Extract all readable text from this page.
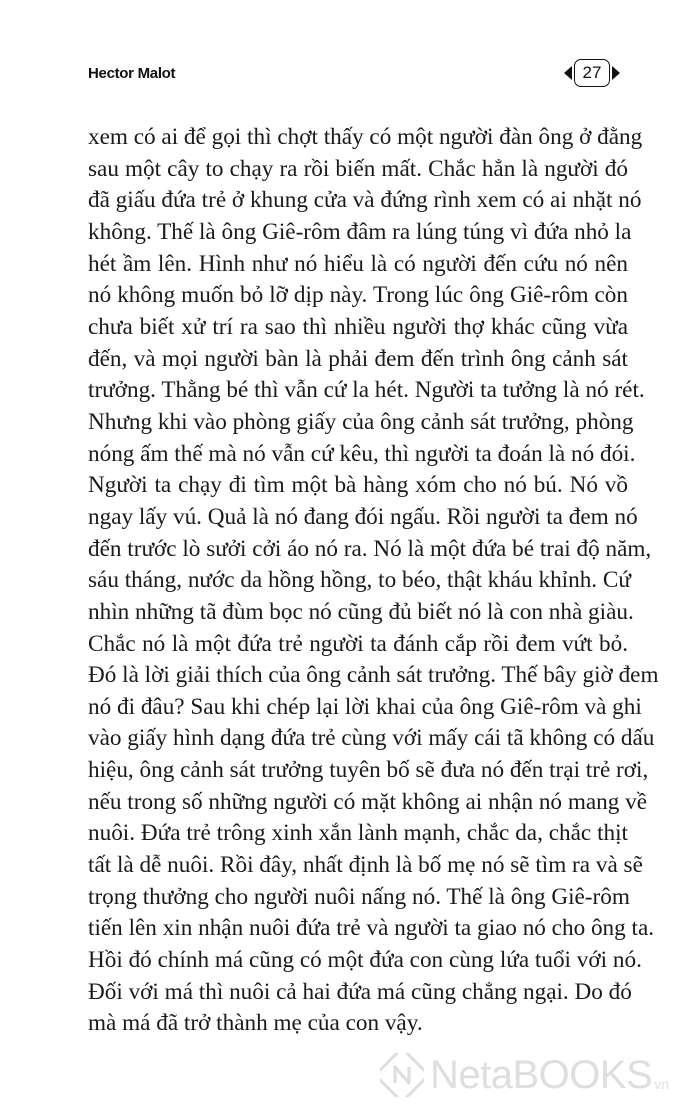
Hector Malot	27
xem có ai để gọi thì chợt thấy có một người đàn ông ở đằng
sau một cây to chạy ra rồi biến mất. Chắc hẳn là người đó
đã giấu đứa trẻ ở khung cửa và đứng rình xem có ai nhặt nó
không. Thế là ông Giê-rôm đâm ra lúng túng vì đứa nhỏ la
hét ầm lên. Hình như nó hiểu là có người đến cứu nó nên
nó không muốn bỏ lỡ dịp này. Trong lúc ông Giê-rôm còn
chưa biết xử trí ra sao thì nhiều người thợ khác cũng vừa
đến, và mọi người bàn là phải đem đến trình ông cảnh sát
trưởng. Thằng bé thì vẫn cứ la hét. Người ta tưởng là nó rét.
Nhưng khi vào phòng giấy của ông cảnh sát trưởng, phòng
nóng ấm thế mà nó vẫn cứ kêu, thì người ta đoán là nó đói.
Người ta chạy đi tìm một bà hàng xóm cho nó bú. Nó vồ
ngay lấy vú. Quả là nó đang đói ngấu. Rồi người ta đem nó
đến trước lò sưởi cởi áo nó ra. Nó là một đứa bé trai độ năm,
sáu tháng, nước da hồng hồng, to béo, thật kháu khỉnh. Cứ
nhìn những tã đùm bọc nó cũng đủ biết nó là con nhà giàu.
Chắc nó là một đứa trẻ người ta đánh cắp rồi đem vứt bỏ.
Đó là lời giải thích của ông cảnh sát trưởng. Thế bây giờ đem
nó đi đâu? Sau khi chép lại lời khai của ông Giê-rôm và ghi
vào giấy hình dạng đứa trẻ cùng với mấy cái tã không có dấu
hiệu, ông cảnh sát trưởng tuyên bố sẽ đưa nó đến trại trẻ rơi,
nếu trong số những người có mặt không ai nhận nó mang về
nuôi. Đứa trẻ trông xinh xắn lành mạnh, chắc da, chắc thịt
tất là dễ nuôi. Rồi đây, nhất định là bố mẹ nó sẽ tìm ra và sẽ
trọng thưởng cho người nuôi nấng nó. Thế là ông Giê-rôm
tiến lên xin nhận nuôi đứa trẻ và người ta giao nó cho ông ta.
Hồi đó chính má cũng có một đứa con cùng lứa tuổi với nó.
Đối với má thì nuôi cả hai đứa má cũng chẳng ngại. Do đó
mà má đã trở thành mẹ của con vậy.
NetaBOOKS vn
